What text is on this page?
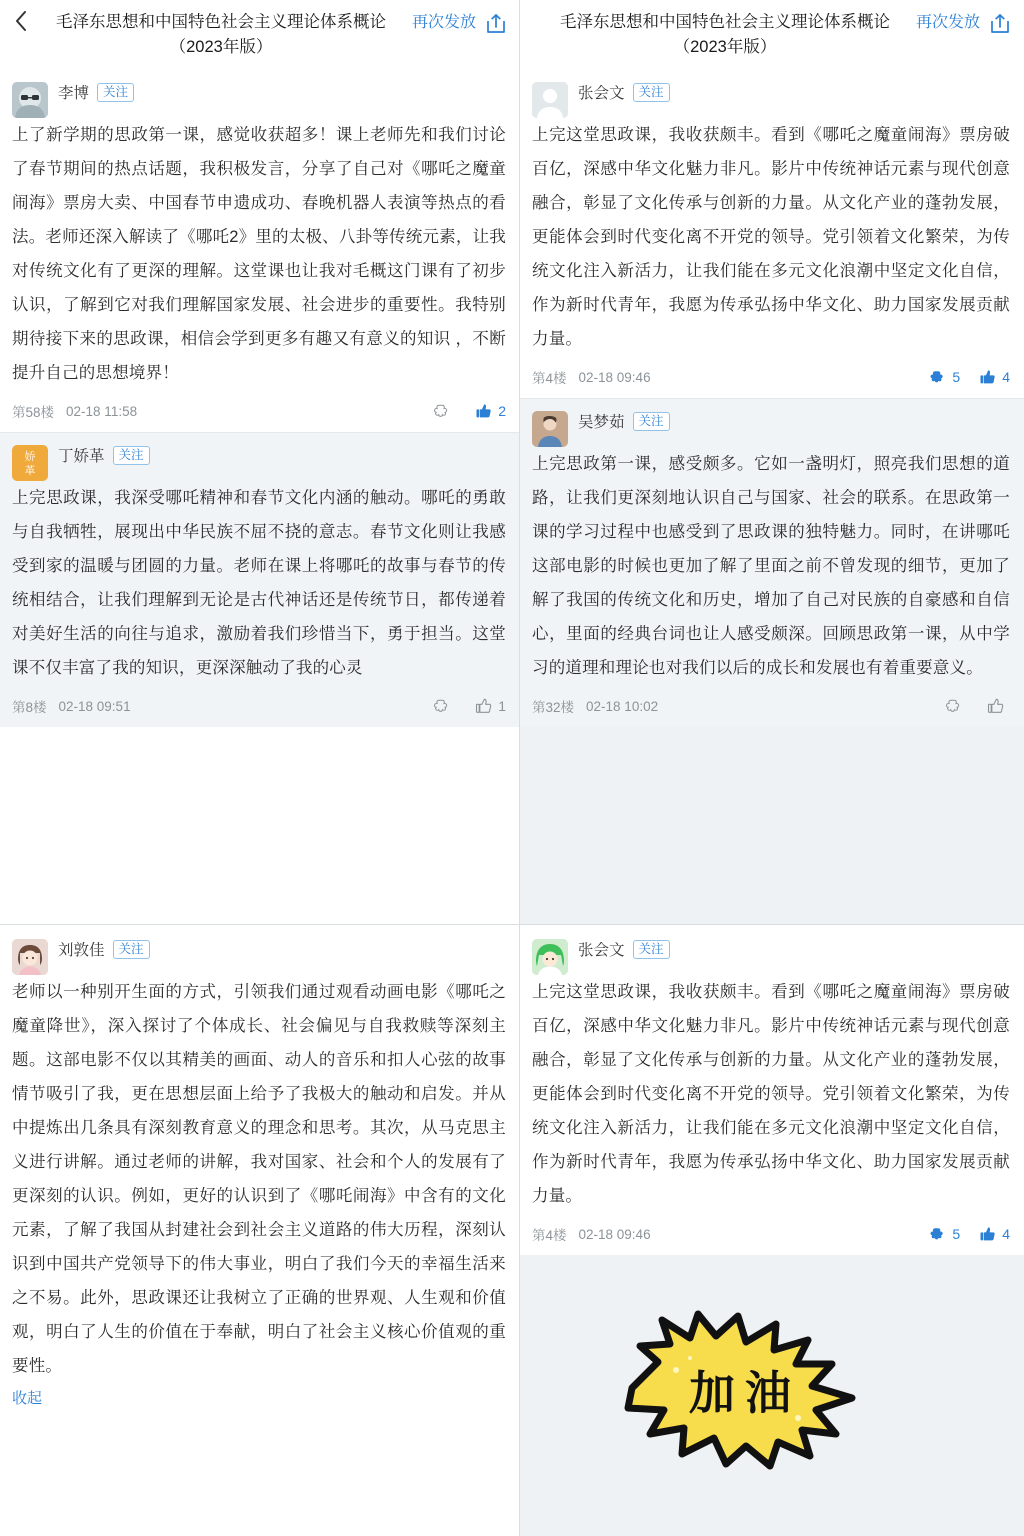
毛泽东思想和中国特色社会主义理论体系概论（2023年版）
再次发放
李博	关注
上了新学期的思政第一课，感觉收获超多！课上老师先和我们讨论了春节期间的热点话题，我积极发言，分享了自己对《哪吒之魔童闹海》票房大卖、中国春节申遗成功、春晚机器人表演等热点的看法。老师还深入解读了《哪吒2》里的太极、八卦等传统元素，让我对传统文化有了更深的理解。这堂课也让我对毛概这门课有了初步认识，了解到它对我们理解国家发展、社会进步的重要性。我特别期待接下来的思政课，相信会学到更多有趣又有意义的知识 ，不断提升自己的思想境界！
第58楼 02-18 11:58	2
娇
革
丁娇革	关注
上完思政课，我深受哪吒精神和春节文化内涵的触动。哪吒的勇敢与自我牺牲，展现出中华民族不屈不挠的意志。春节文化则让我感受到家的温暖与团圆的力量。老师在课上将哪吒的故事与春节的传统相结合，让我们理解到无论是古代神话还是传统节日，都传递着对美好生活的向往与追求，激励着我们珍惜当下，勇于担当。这堂课不仅丰富了我的知识，更深深触动了我的心灵
第8楼 02-18 09:51	1
毛泽东思想和中国特色社会主义理论体系概论（2023年版）
再次发放
张会文	关注
上完这堂思政课，我收获颇丰。看到《哪吒之魔童闹海》票房破百亿，深感中华文化魅力非凡。影片中传统神话元素与现代创意融合，彰显了文化传承与创新的力量。从文化产业的蓬勃发展，更能体会到时代变化离不开党的领导。党引领着文化繁荣，为传统文化注入新活力，让我们能在多元文化浪潮中坚定文化自信，作为新时代青年，我愿为传承弘扬中华文化、助力国家发展贡献力量。
第4楼 02-18 09:46	5	4
吴梦茹	关注
上完思政第一课，感受颇多。它如一盏明灯，照亮我们思想的道路，让我们更深刻地认识自己与国家、社会的联系。在思政第一课的学习过程中也感受到了思政课的独特魅力。同时，在讲哪吒这部电影的时候也更加了解了里面之前不曾发现的细节，更加了解了我国的传统文化和历史，增加了自己对民族的自豪感和自信心，里面的经典台词也让人感受颇深。回顾思政第一课，从中学习的道理和理论也对我们以后的成长和发展也有着重要意义。
第32楼 02-18 10:02
刘敦佳	关注
老师以一种别开生面的方式，引领我们通过观看动画电影《哪吒之魔童降世》，深入探讨了个体成长、社会偏见与自我救赎等深刻主题。这部电影不仅以其精美的画面、动人的音乐和扣人心弦的故事情节吸引了我，更在思想层面上给予了我极大的触动和启发。并从中提炼出几条具有深刻教育意义的理念和思考。其次，从马克思主义进行讲解。通过老师的讲解，我对国家、社会和个人的发展有了更深刻的认识。例如，更好的认识到了《哪吒闹海》中含有的文化元素，了解了我国从封建社会到社会主义道路的伟大历程，深刻认识到中国共产党领导下的伟大事业，明白了我们今天的幸福生活来之不易。此外，思政课还让我树立了正确的世界观、人生观和价值观，明白了人生的价值在于奉献，明白了社会主义核心价值观的重要性。
收起
张会文	关注
上完这堂思政课，我收获颇丰。看到《哪吒之魔童闹海》票房破百亿，深感中华文化魅力非凡。影片中传统神话元素与现代创意融合，彰显了文化传承与创新的力量。从文化产业的蓬勃发展，更能体会到时代变化离不开党的领导。党引领着文化繁荣，为传统文化注入新活力，让我们能在多元文化浪潮中坚定文化自信，作为新时代青年，我愿为传承弘扬中华文化、助力国家发展贡献力量。
第4楼 02-18 09:46	5	4
加油
